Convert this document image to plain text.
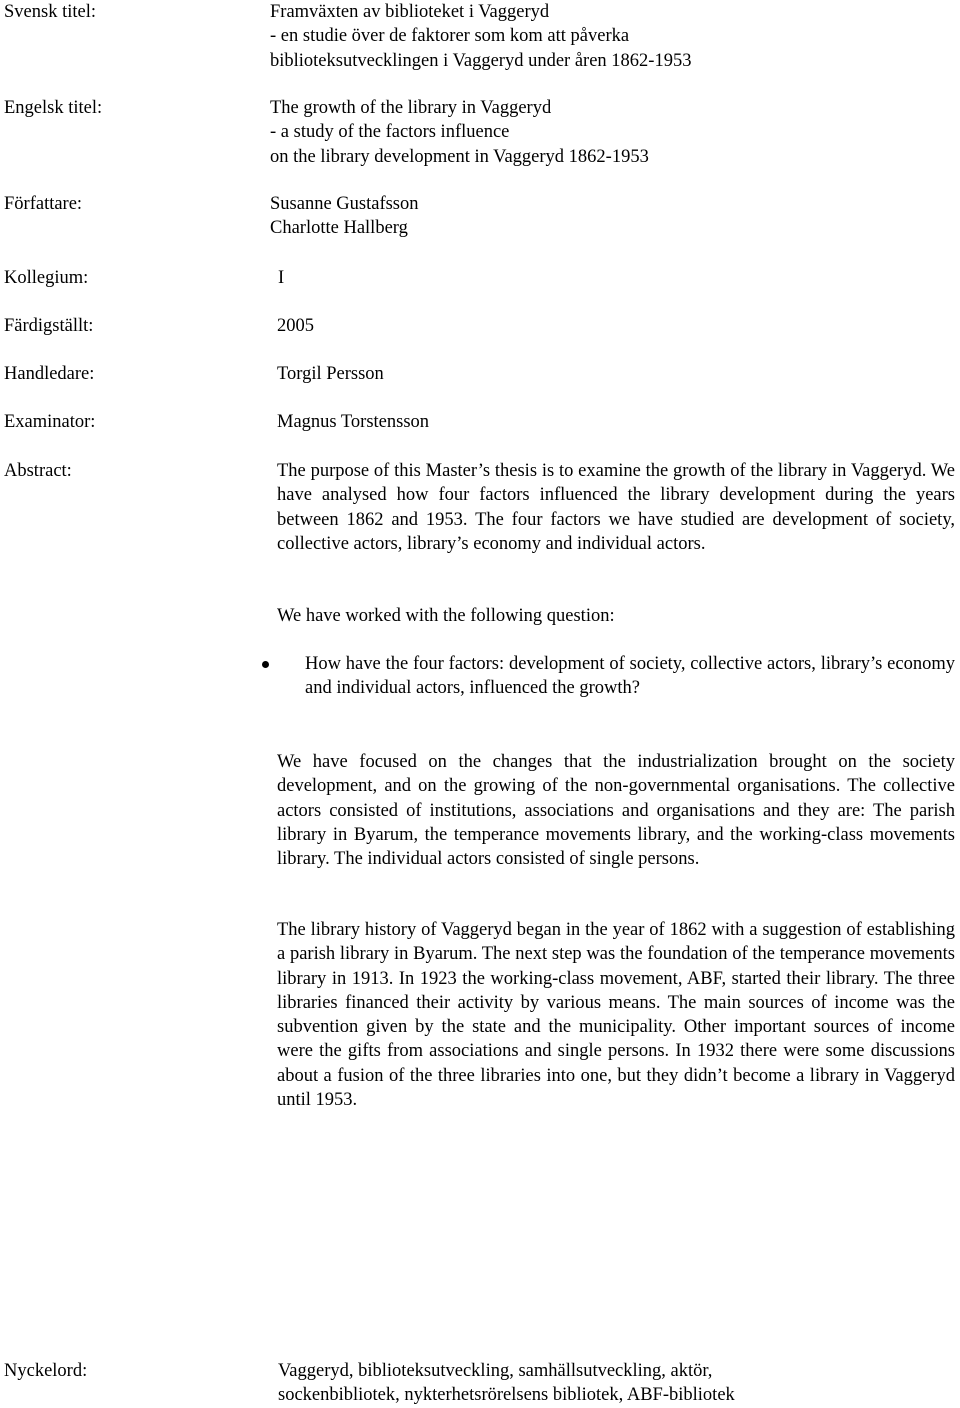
Svensk titel:	Framväxten av biblioteket i Vaggeryd
- en studie över de faktorer som kom att påverka
biblioteksutvecklingen i Vaggeryd under åren 1862-1953
Engelsk titel:	The growth of the library in Vaggeryd
- a study of the factors influence
on the library development in Vaggeryd 1862-1953
Författare:	Susanne Gustafsson
Charlotte Hallberg
Kollegium:	I
Färdigställt:	2005
Handledare:	Torgil Persson
Examinator:	Magnus Torstensson
Abstract:	The purpose of this Master’s thesis is to examine the growth of the library in Vaggeryd. We have analysed how four factors influenced the library development during the years between 1862 and 1953. The four factors we have studied are development of society, collective actors, library’s economy and individual actors.
We have worked with the following question:
How have the four factors: development of society, collective actors, library’s economy and individual actors, influenced the growth?
We have focused on the changes that the industrialization brought on the society development, and on the growing of the non-governmental organisations. The collective actors consisted of institutions, associations and organisations and they are: The parish library in Byarum, the temperance movements library, and the working-class movements library. The individual actors consisted of single persons.
The library history of Vaggeryd began in the year of 1862 with a suggestion of establishing a parish library in Byarum. The next step was the foundation of the temperance movements library in 1913. In 1923 the working-class movement, ABF, started their library. The three libraries financed their activity by various means. The main sources of income was the subvention given by the state and the municipality. Other important sources of income were the gifts from associations and single persons. In 1932 there were some discussions about a fusion of the three libraries into one, but they didn’t become a library in Vaggeryd until 1953.
Nyckelord:	Vaggeryd, biblioteksutveckling, samhällsutveckling, aktör,
sockenbibliotek, nykterhetsrörelsens bibliotek, ABF-bibliotek
